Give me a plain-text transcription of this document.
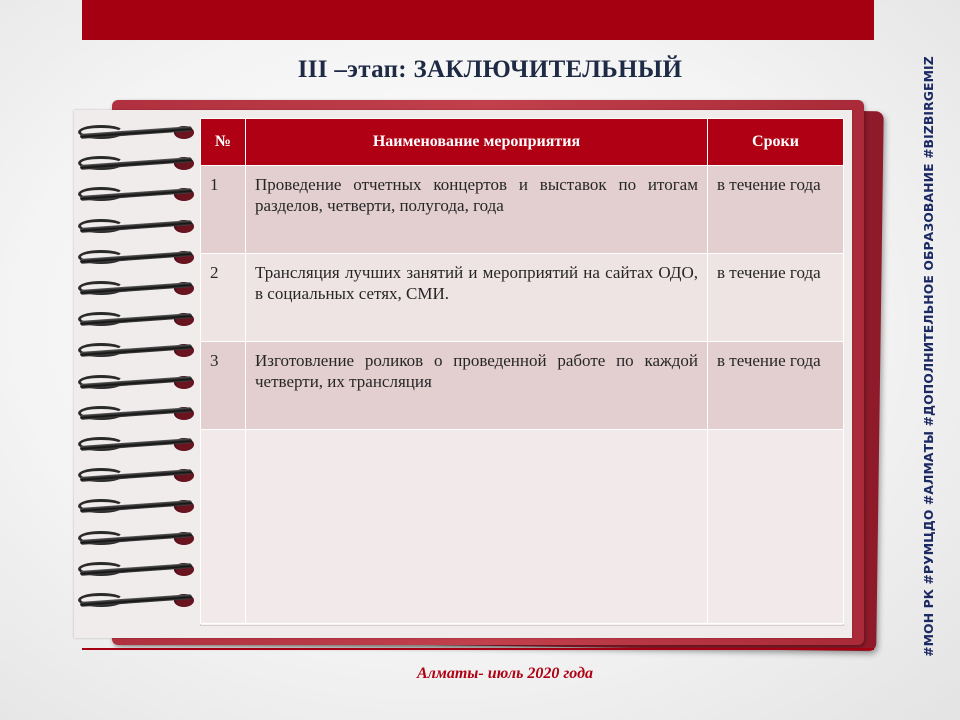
III –этап: ЗАКЛЮЧИТЕЛЬНЫЙ	#МОН РК #РУМЦДО #АЛМАТЫ #ДОПОЛНИТЕЛЬНОЕ ОБРАЗОВАНИЕ #BIZBIRGEMIZ
№	Наименование мероприятия	Сроки
1	Проведение отчетных концертов и выставок по итогам разделов, четверти, полугода, года	в течение года
2	Трансляция лучших занятий и мероприятий на сайтах ОДО, в социальных сетях, СМИ.	в течение года
3	Изготовление роликов о проведенной работе по каждой четверти, их трансляция	в течение года

Алматы- июль 2020 года
